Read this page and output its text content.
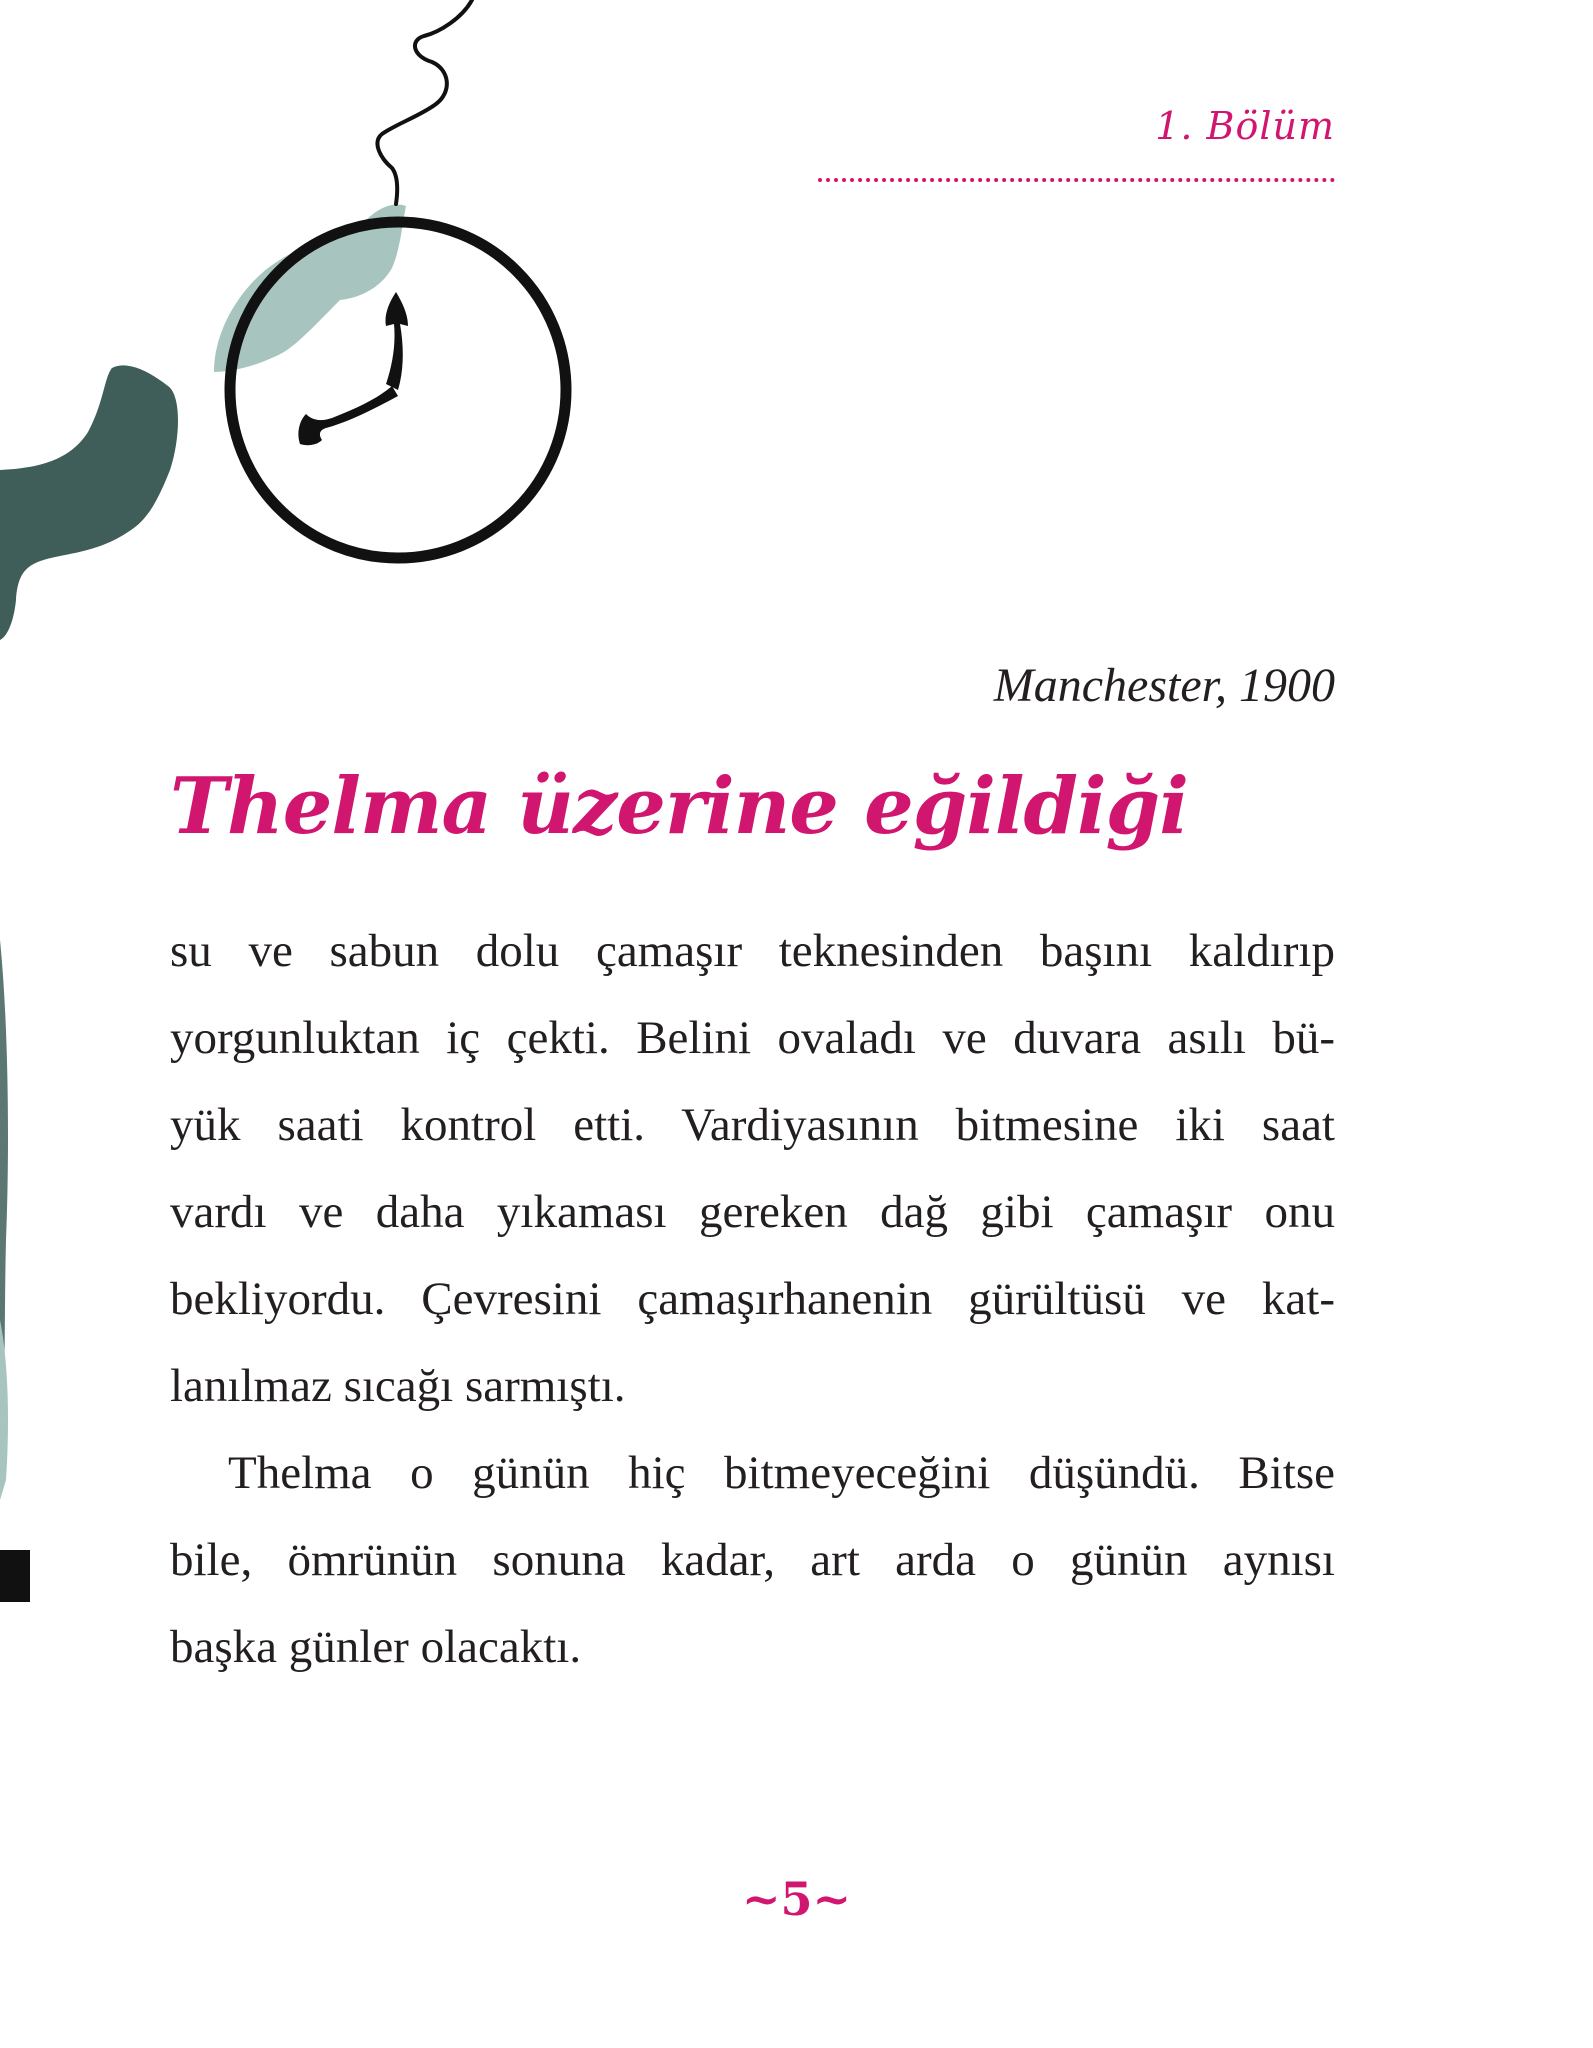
1. Bölüm
Manchester, 1900
Thelma üzerine eğildiği

su ve sabun dolu çamaşır teknesinden başını kaldırıp
yorgunluktan iç çekti. Belini ovaladı ve duvara asılı bü-
yük saati kontrol etti. Vardiyasının bitmesine iki saat
vardı ve daha yıkaması gereken dağ gibi çamaşır onu
bekliyordu. Çevresini çamaşırhanenin gürültüsü ve kat-
lanılmaz sıcağı sarmıştı.

Thelma o günün hiç bitmeyeceğini düşündü. Bitse
bile, ömrünün sonuna kadar, art arda o günün aynısı
başka günler olacaktı.

~5~
